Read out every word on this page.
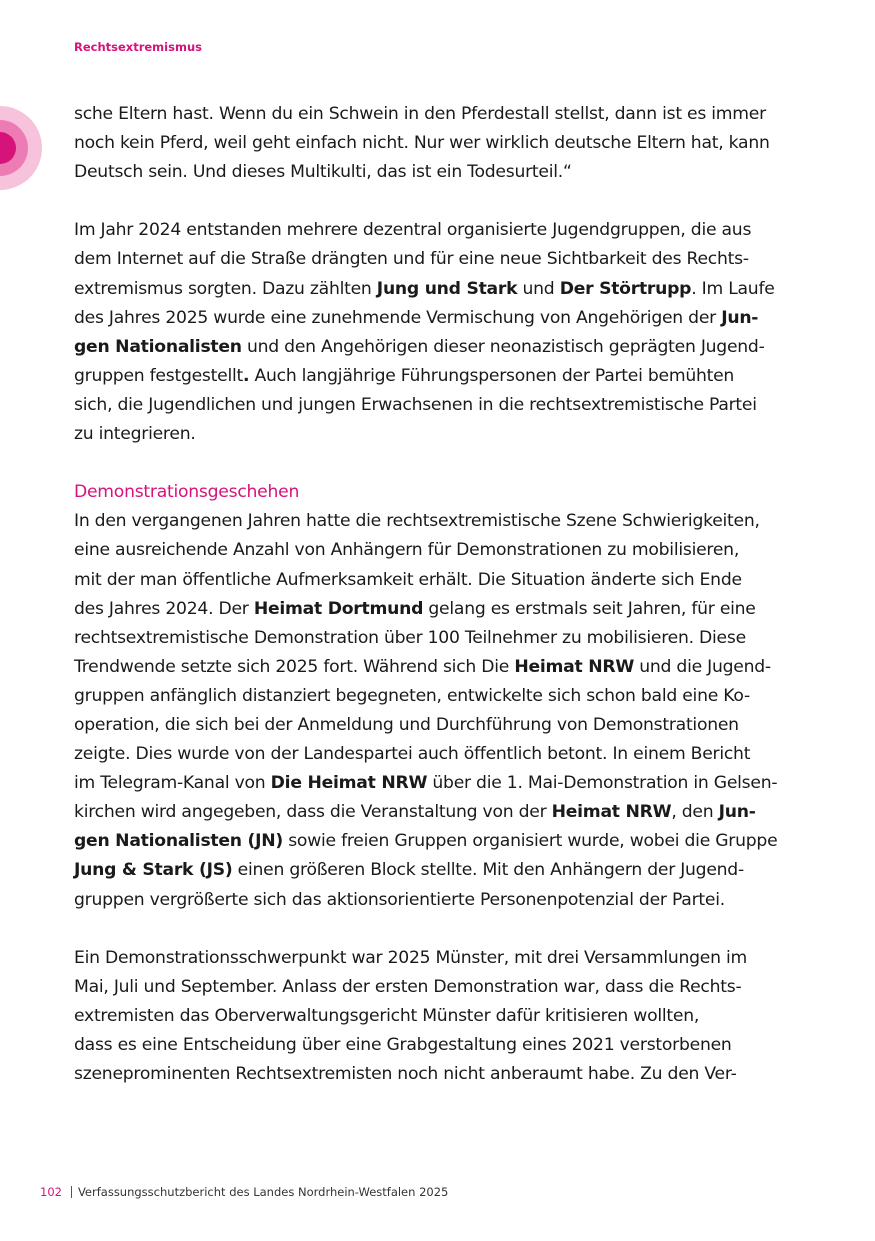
Rechtsextremismus
sche Eltern hast. Wenn du ein Schwein in den Pferdestall stellst, dann ist es immer
noch kein Pferd, weil geht einfach nicht. Nur wer wirklich deutsche Eltern hat, kann
Deutsch sein. Und dieses Multikulti, das ist ein Todesurteil.“
Im Jahr 2024 entstanden mehrere dezentral organisierte Jugendgruppen, die aus
dem Internet auf die Straße drängten und für eine neue Sichtbarkeit des Rechts-
extremismus sorgten. Dazu zählten Jung und Stark und Der Störtrupp. Im Laufe
des Jahres 2025 wurde eine zunehmende Vermischung von Angehörigen der Jun-
gen Nationalisten und den Angehörigen dieser neonazistisch geprägten Jugend-
gruppen festgestellt. Auch langjährige Führungspersonen der Partei bemühten
sich, die Jugendlichen und jungen Erwachsenen in die rechtsextremistische Partei
zu integrieren.
Demonstrationsgeschehen
In den vergangenen Jahren hatte die rechtsextremistische Szene Schwierigkeiten,
eine ausreichende Anzahl von Anhängern für Demonstrationen zu mobilisieren,
mit der man öffentliche Aufmerksamkeit erhält. Die Situation änderte sich Ende
des Jahres 2024. Der Heimat Dortmund gelang es erstmals seit Jahren, für eine
rechtsextremistische Demonstration über 100 Teilnehmer zu mobilisieren. Diese
Trendwende setzte sich 2025 fort. Während sich Die Heimat NRW und die Jugend-
gruppen anfänglich distanziert begegneten, entwickelte sich schon bald eine Ko-
operation, die sich bei der Anmeldung und Durchführung von Demonstrationen
zeigte. Dies wurde von der Landespartei auch öffentlich betont. In einem Bericht
im Telegram-Kanal von Die Heimat NRW über die 1. Mai-Demonstration in Gelsen-
kirchen wird angegeben, dass die Veranstaltung von der Heimat NRW, den Jun-
gen Nationalisten (JN) sowie freien Gruppen organisiert wurde, wobei die Gruppe
Jung & Stark (JS) einen größeren Block stellte. Mit den Anhängern der Jugend-
gruppen vergrößerte sich das aktionsorientierte Personenpotenzial der Partei.
Ein Demonstrationsschwerpunkt war 2025 Münster, mit drei Versammlungen im
Mai, Juli und September. Anlass der ersten Demonstration war, dass die Rechts-
extremisten das Oberverwaltungsgericht Münster dafür kritisieren wollten,
dass es eine Entscheidung über eine Grabgestaltung eines 2021 verstorbenen
szeneprominenten Rechtsextremisten noch nicht anberaumt habe. Zu den Ver-
102 Verfassungsschutzbericht des Landes Nordrhein-Westfalen 2025
